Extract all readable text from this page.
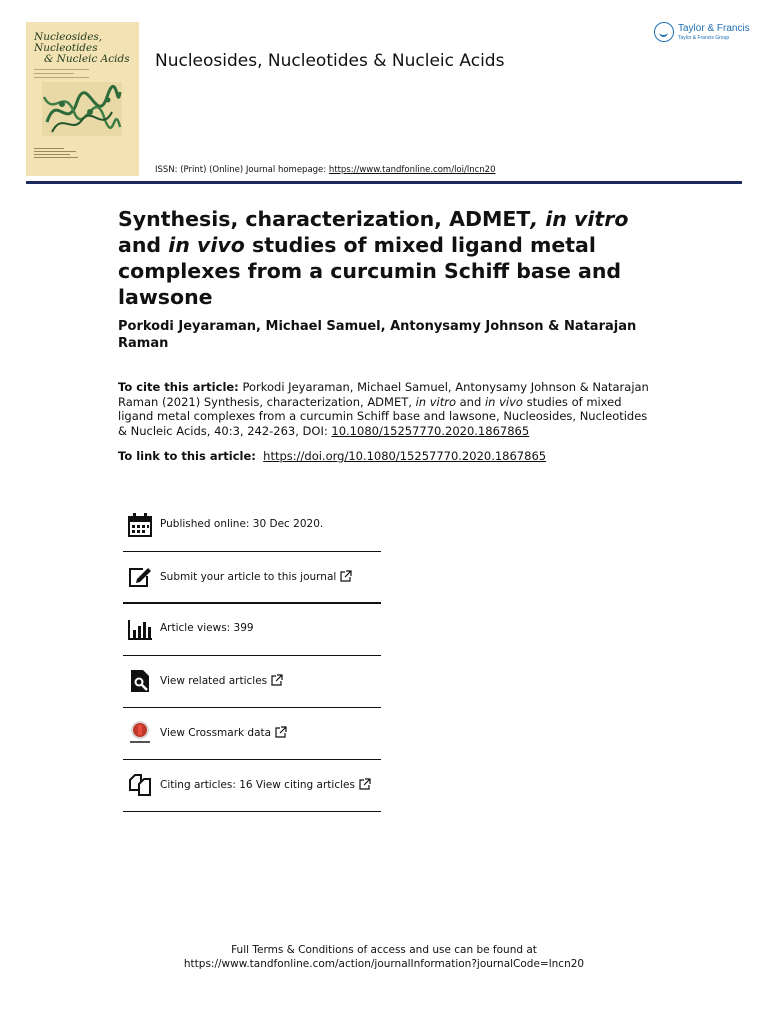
Nucleosides,
Nucleotides
& Nucleic Acids
Taylor & Francis
Taylor & Francis Group
Nucleosides, Nucleotides & Nucleic Acids
ISSN: (Print) (Online) Journal homepage: https://www.tandfonline.com/loi/lncn20
Synthesis, characterization, ADMET, in vitro and in vivo studies of mixed ligand metal complexes from a curcumin Schiff base and lawsone
Porkodi Jeyaraman, Michael Samuel, Antonysamy Johnson & Natarajan Raman
To cite this article: Porkodi Jeyaraman, Michael Samuel, Antonysamy Johnson & Natarajan Raman (2021) Synthesis, characterization, ADMET, in vitro and in vivo studies of mixed ligand metal complexes from a curcumin Schiff base and lawsone, Nucleosides, Nucleotides & Nucleic Acids, 40:3, 242-263, DOI: 10.1080/15257770.2020.1867865
To link to this article: https://doi.org/10.1080/15257770.2020.1867865
Published online: 30 Dec 2020.
Submit your article to this journal
Article views: 399
View related articles
View Crossmark data
Citing articles: 16 View citing articles
Full Terms & Conditions of access and use can be found at
https://www.tandfonline.com/action/journalInformation?journalCode=lncn20
